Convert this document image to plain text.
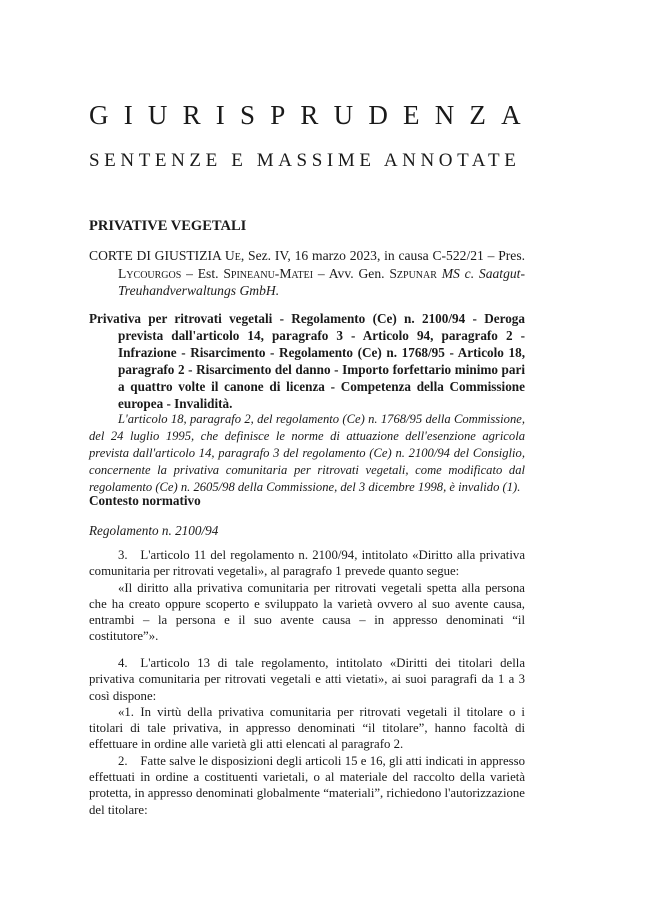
GIURISPRUDENZA
SENTENZE E MASSIME ANNOTATE
PRIVATIVE VEGETALI
CORTE DI GIUSTIZIA Ue, Sez. IV, 16 marzo 2023, in causa C-522/21 – Pres. Lycourgos – Est. Spineanu-Matei – Avv. Gen. Szpunar MS c. Saatgut-Treuhandverwaltungs GmbH.
Privativa per ritrovati vegetali - Regolamento (Ce) n. 2100/94 - Deroga prevista dall'articolo 14, paragrafo 3 - Articolo 94, paragrafo 2 - Infrazione - Risarcimento - Regolamento (Ce) n. 1768/95 - Articolo 18, paragrafo 2 - Risarcimento del danno - Importo forfettario minimo pari a quattro volte il canone di licenza - Competenza della Commissione europea - Invalidità.
L'articolo 18, paragrafo 2, del regolamento (Ce) n. 1768/95 della Commissione, del 24 luglio 1995, che definisce le norme di attuazione dell'esenzione agricola prevista dall'articolo 14, paragrafo 3 del regolamento (Ce) n. 2100/94 del Consiglio, concernente la privativa comunitaria per ritrovati vegetali, come modificato dal regolamento (Ce) n. 2605/98 della Commissione, del 3 dicembre 1998, è invalido (1).
Contesto normativo
Regolamento n. 2100/94

3. L'articolo 11 del regolamento n. 2100/94, intitolato «Diritto alla privativa comunitaria per ritrovati vegetali», al paragrafo 1 prevede quanto segue:

«Il diritto alla privativa comunitaria per ritrovati vegetali spetta alla persona che ha creato oppure scoperto e sviluppato la varietà ovvero al suo avente causa, entrambi – la persona e il suo avente causa – in appresso denominati “il costitutore”».

4. L'articolo 13 di tale regolamento, intitolato «Diritti dei titolari della privativa comunitaria per ritrovati vegetali e atti vietati», ai suoi paragrafi da 1 a 3 così dispone:

«1. In virtù della privativa comunitaria per ritrovati vegetali il titolare o i titolari di tale privativa, in appresso denominati “il titolare”, hanno facoltà di effettuare in ordine alle varietà gli atti elencati al paragrafo 2.

2. Fatte salve le disposizioni degli articoli 15 e 16, gli atti indicati in appresso effettuati in ordine a costituenti varietali, o al materiale del raccolto della varietà protetta, in appresso denominati globalmente “materiali”, richiedono l'autorizzazione del titolare:
